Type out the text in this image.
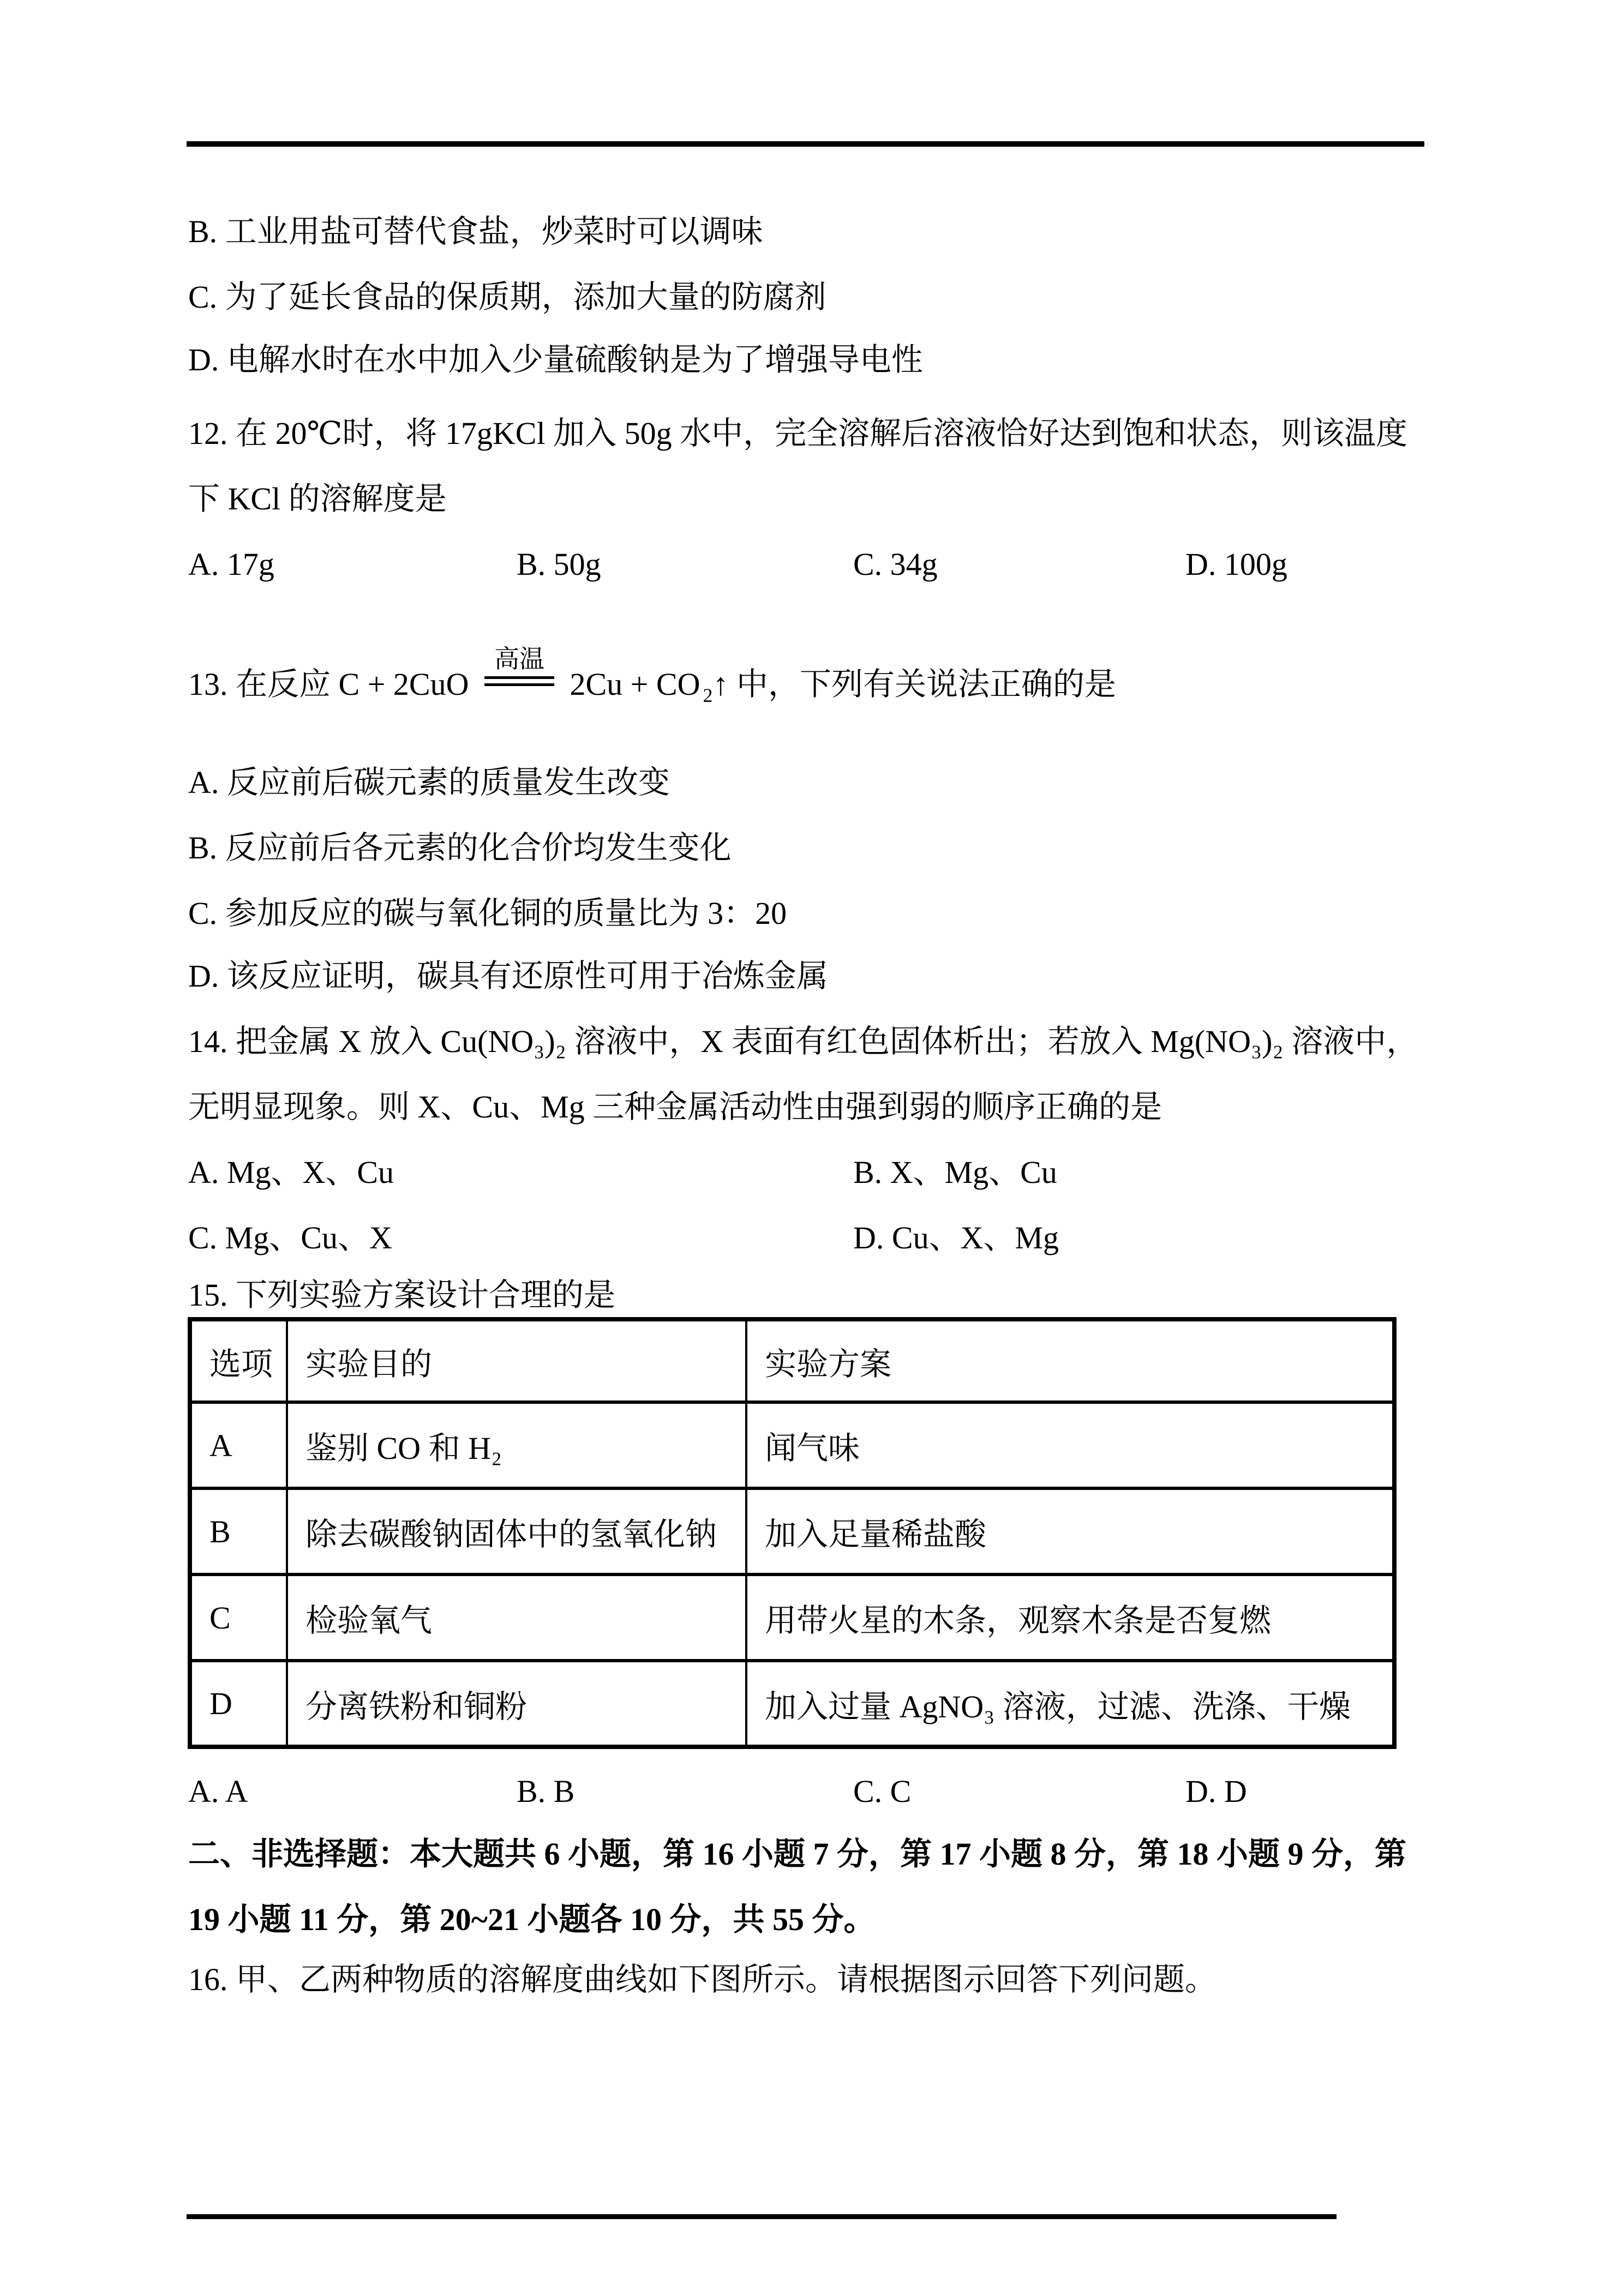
B. 工业用盐可替代食盐，炒菜时可以调味
C. 为了延长食品的保质期，添加大量的防腐剂
D. 电解水时在水中加入少量硫酸钠是为了增强导电性
12. 在 20℃时，将 17gKCl 加入 50g 水中，完全溶解后溶液恰好达到饱和状态，则该温度
下 KCl 的溶解度是
A. 17g	B. 50g	C. 34g	D. 100g
13. 在反应 C + 2CuO
高温
2Cu + CO $_2$↑ 中，下列有关说法正确的是
A. 反应前后碳元素的质量发生改变
B. 反应前后各元素的化合价均发生变化
C. 参加反应的碳与氧化铜的质量比为 3：20
D. 该反应证明，碳具有还原性可用于冶炼金属
14. 把金属 X 放入 Cu(NO₃)₂ 溶液中，X 表面有红色固体析出；若放入 Mg(NO₃)₂ 溶液中，
无明显现象。则 X、Cu、Mg 三种金属活动性由强到弱的顺序正确的是
A. Mg、X、Cu	B. X、Mg、Cu
C. Mg、Cu、X	D. Cu、X、Mg
15. 下列实验方案设计合理的是
选项	实验目的	实验方案
A	鉴别 CO 和 H₂	闻气味
B	除去碳酸钠固体中的氢氧化钠	加入足量稀盐酸
C	检验氧气	用带火星的木条，观察木条是否复燃
D	分离铁粉和铜粉	加入过量 AgNO₃ 溶液，过滤、洗涤、干燥
A. A	B. B	C. C	D. D
二、非选择题：本大题共 6 小题，第 16 小题 7 分，第 17 小题 8 分，第 18 小题 9 分，第
19 小题 11 分，第 20~21 小题各 10 分，共 55 分。
16. 甲、乙两种物质的溶解度曲线如下图所示。请根据图示回答下列问题。
